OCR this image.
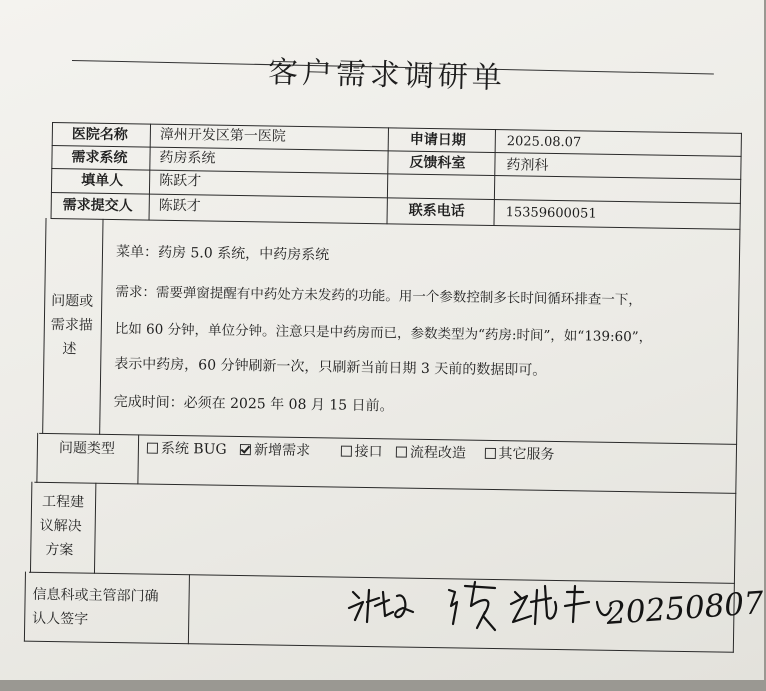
客户需求调研单
医院名称 漳州开发区第一医院	申请日期	2025.08.07
需求系统 药房系统	反馈科室	药剂科
填单人	陈跃才
需求提交人 陈跃才	联系电话	15359600051
问题或
需求描
述
菜单：药房 5.0 系统，中药房系统
需求：需要弹窗提醒有中药处方未发药的功能。用一个参数控制多长时间循环排查一下，
比如 60 分钟，单位分钟。注意只是中药房而已，参数类型为“药房:时间”，如“139:60”，
表示中药房，60 分钟刷新一次，只刷新当前日期 3 天前的数据即可。
完成时间：必须在 2025 年 08 月 15 日前。
问题类型	系统 BUG 新增需求	接口 流程改造 其它服务
工程建
议解决
方案
信息科或主管部门确
认人签字	20250807
